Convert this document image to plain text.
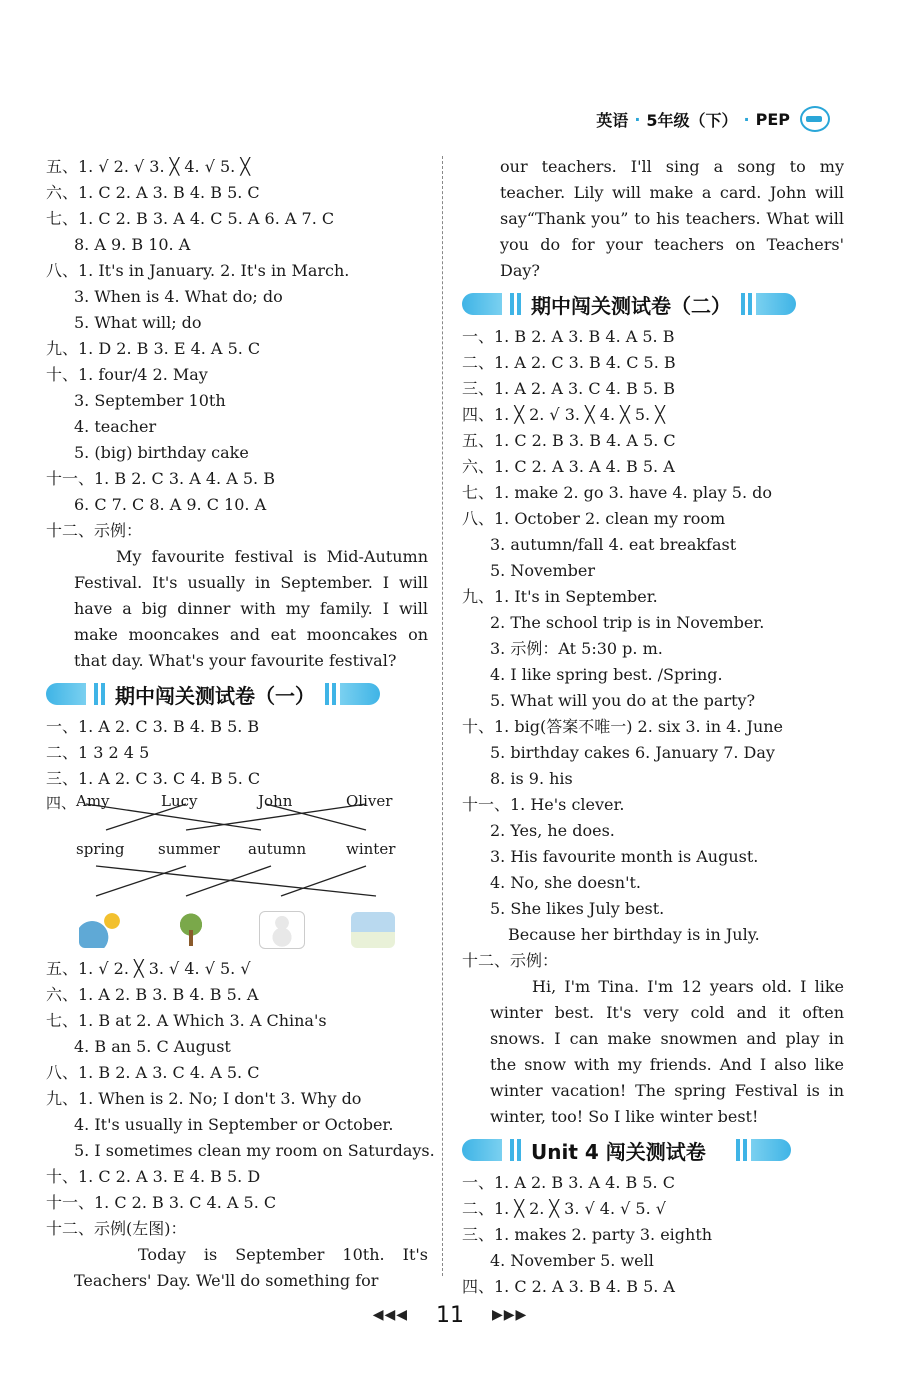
英语 · 5年级（下） · PEP
五、1. √ 2. √ 3. ╳ 4. √ 5. ╳
六、1. C 2. A 3. B 4. B 5. C
七、1. C 2. B 3. A 4. C 5. A 6. A 7. C
8. A 9. B 10. A
八、1. It's in January. 2. It's in March.
3. When is 4. What do; do
5. What will; do
九、1. D 2. B 3. E 4. A 5. C
十、1. four/4 2. May
3. September 10th
4. teacher
5. (big) birthday cake
十一、1. B 2. C 3. A 4. A 5. B
6. C 7. C 8. A 9. C 10. A
十二、示例：
My favourite festival is Mid-Autumn Festival. It's usually in September. I will have a big dinner with my family. I will make mooncakes and eat mooncakes on that day. What's your favourite festival?
期中闯关测试卷（一）
一、1. A 2. C 3. B 4. B 5. B
二、1 3 2 4 5
三、1. A 2. C 3. C 4. B 5. C
四、 Amy	Lucy	John	Oliver
spring summer autumn	winter
五、1. √ 2. ╳ 3. √ 4. √ 5. √
六、1. A 2. B 3. B 4. B 5. A
七、1. B at 2. A Which 3. A China's
4. B an 5. C August
八、1. B 2. A 3. C 4. A 5. C
九、1. When is 2. No; I don't 3. Why do
4. It's usually in September or October.
5. I sometimes clean my room on Saturdays.
十、1. C 2. A 3. E 4. B 5. D
十一、1. C 2. B 3. C 4. A 5. C
十二、示例(左图)：
Today is September 10th. It's Teachers' Day. We'll do something for
our teachers. I'll sing a song to my teacher. Lily will make a card. John will say“Thank you” to his teachers. What will you do for your teachers on Teachers' Day?
期中闯关测试卷（二）
一、1. B 2. A 3. B 4. A 5. B
二、1. A 2. C 3. B 4. C 5. B
三、1. A 2. A 3. C 4. B 5. B
四、1. ╳ 2. √ 3. ╳ 4. ╳ 5. ╳
五、1. C 2. B 3. B 4. A 5. C
六、1. C 2. A 3. A 4. B 5. A
七、1. make 2. go 3. have 4. play 5. do
八、1. October 2. clean my room
3. autumn/fall 4. eat breakfast
5. November
九、1. It's in September.
2. The school trip is in November.
3. 示例：At 5:30 p. m.
4. I like spring best. /Spring.
5. What will you do at the party?
十、1. big(答案不唯一) 2. six 3. in 4. June
5. birthday cakes 6. January 7. Day
8. is 9. his
十一、1. He's clever.
2. Yes, he does.
3. His favourite month is August.
4. No, she doesn't.
5. She likes July best.
Because her birthday is in July.
十二、示例：
Hi, I'm Tina. I'm 12 years old. I like winter best. It's very cold and it often snows. I can make snowmen and play in the snow with my friends. And I also like winter vacation! The spring Festival is in winter, too! So I like winter best!
Unit 4 闯关测试卷
一、1. A 2. B 3. A 4. B 5. C
二、1. ╳ 2. ╳ 3. √ 4. √ 5. √
三、1. makes 2. party 3. eighth
4. November 5. well
四、1. C 2. A 3. B 4. B 5. A
◀◀◀ 11 ▶▶▶
